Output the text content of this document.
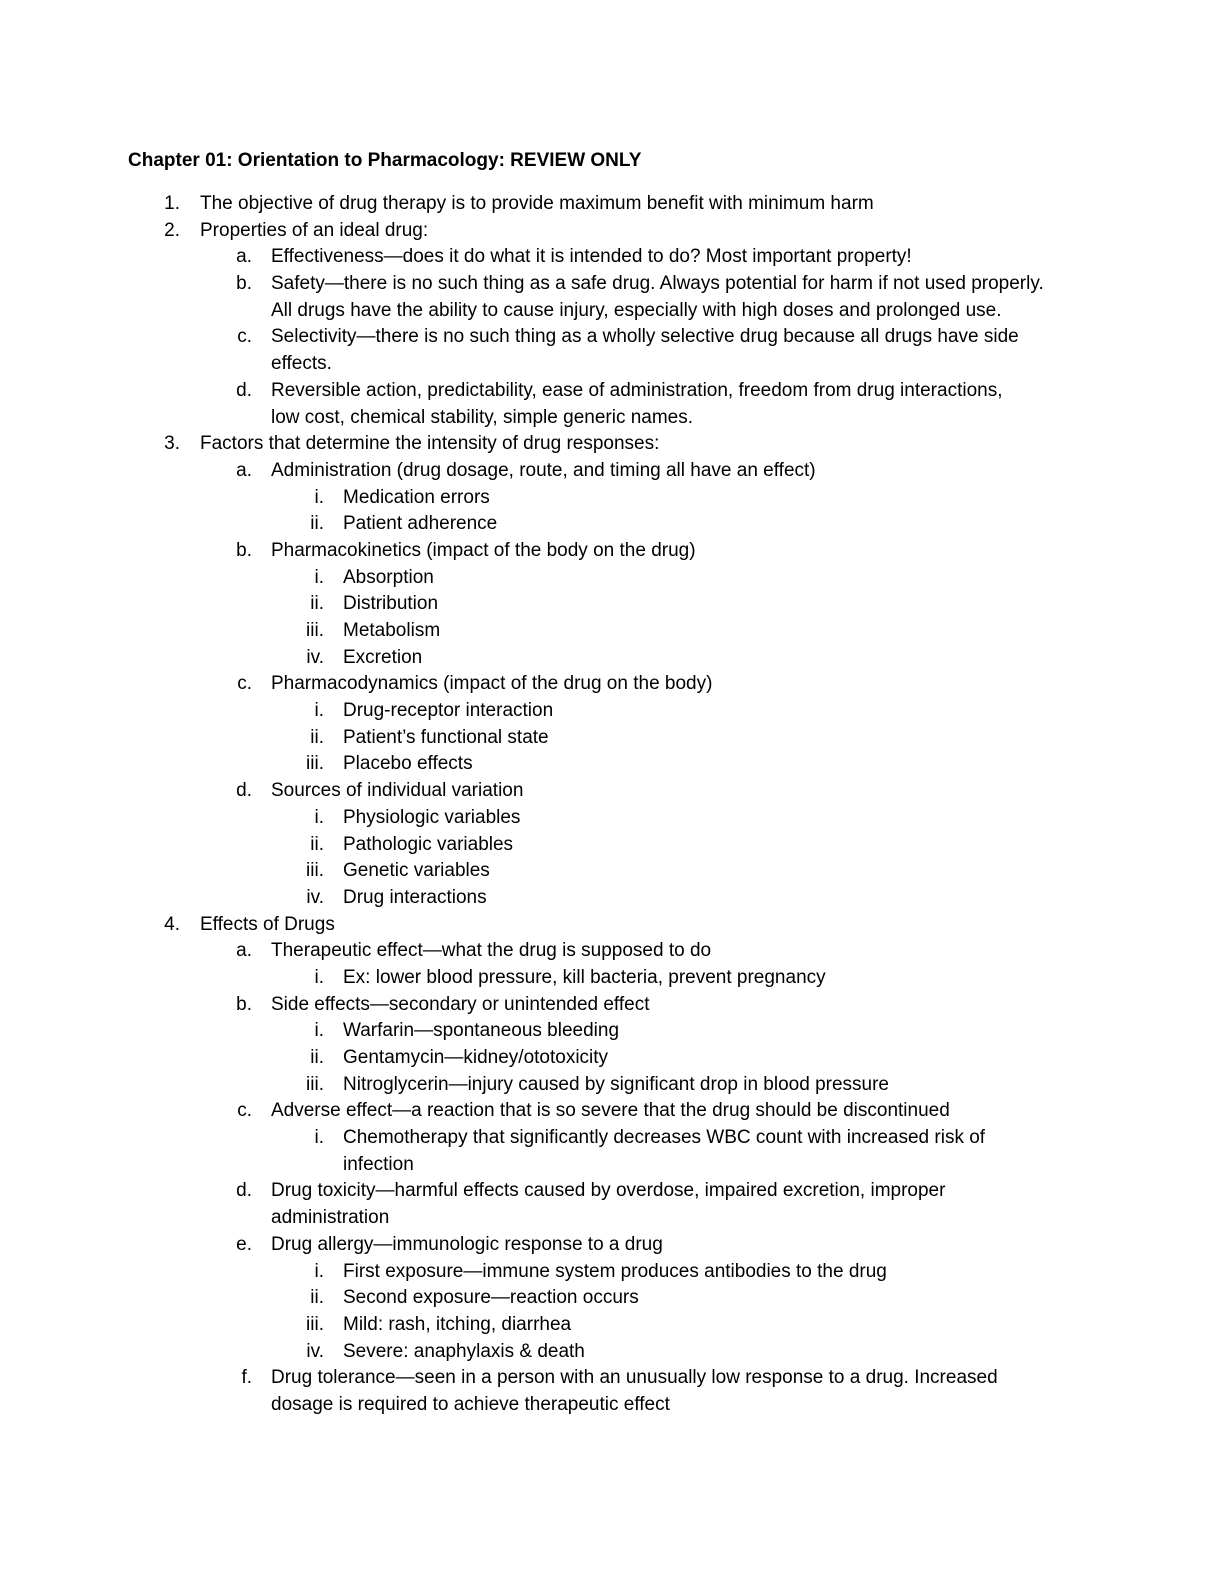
Chapter 01: Orientation to Pharmacology: REVIEW ONLY
1. The objective of drug therapy is to provide maximum benefit with minimum harm
2. Properties of an ideal drug:
a. Effectiveness—does it do what it is intended to do? Most important property!
b. Safety—there is no such thing as a safe drug. Always potential for harm if not used properly.
All drugs have the ability to cause injury, especially with high doses and prolonged use.
c. Selectivity—there is no such thing as a wholly selective drug because all drugs have side
effects.
d. Reversible action, predictability, ease of administration, freedom from drug interactions,
low cost, chemical stability, simple generic names.
3. Factors that determine the intensity of drug responses:
a. Administration (drug dosage, route, and timing all have an effect)
i. Medication errors
ii. Patient adherence
b. Pharmacokinetics (impact of the body on the drug)
i. Absorption
ii. Distribution
iii. Metabolism
iv. Excretion
c. Pharmacodynamics (impact of the drug on the body)
i. Drug-receptor interaction
ii. Patient’s functional state
iii. Placebo effects
d. Sources of individual variation
i. Physiologic variables
ii. Pathologic variables
iii. Genetic variables
iv. Drug interactions
4. Effects of Drugs
a. Therapeutic effect—what the drug is supposed to do
i. Ex: lower blood pressure, kill bacteria, prevent pregnancy
b. Side effects—secondary or unintended effect
i. Warfarin—spontaneous bleeding
ii. Gentamycin—kidney/ototoxicity
iii. Nitroglycerin—injury caused by significant drop in blood pressure
c. Adverse effect—a reaction that is so severe that the drug should be discontinued
i. Chemotherapy that significantly decreases WBC count with increased risk of
infection
d. Drug toxicity—harmful effects caused by overdose, impaired excretion, improper
administration
e. Drug allergy—immunologic response to a drug
i. First exposure—immune system produces antibodies to the drug
ii. Second exposure—reaction occurs
iii. Mild: rash, itching, diarrhea
iv. Severe: anaphylaxis & death
f. Drug tolerance—seen in a person with an unusually low response to a drug. Increased
dosage is required to achieve therapeutic effect
